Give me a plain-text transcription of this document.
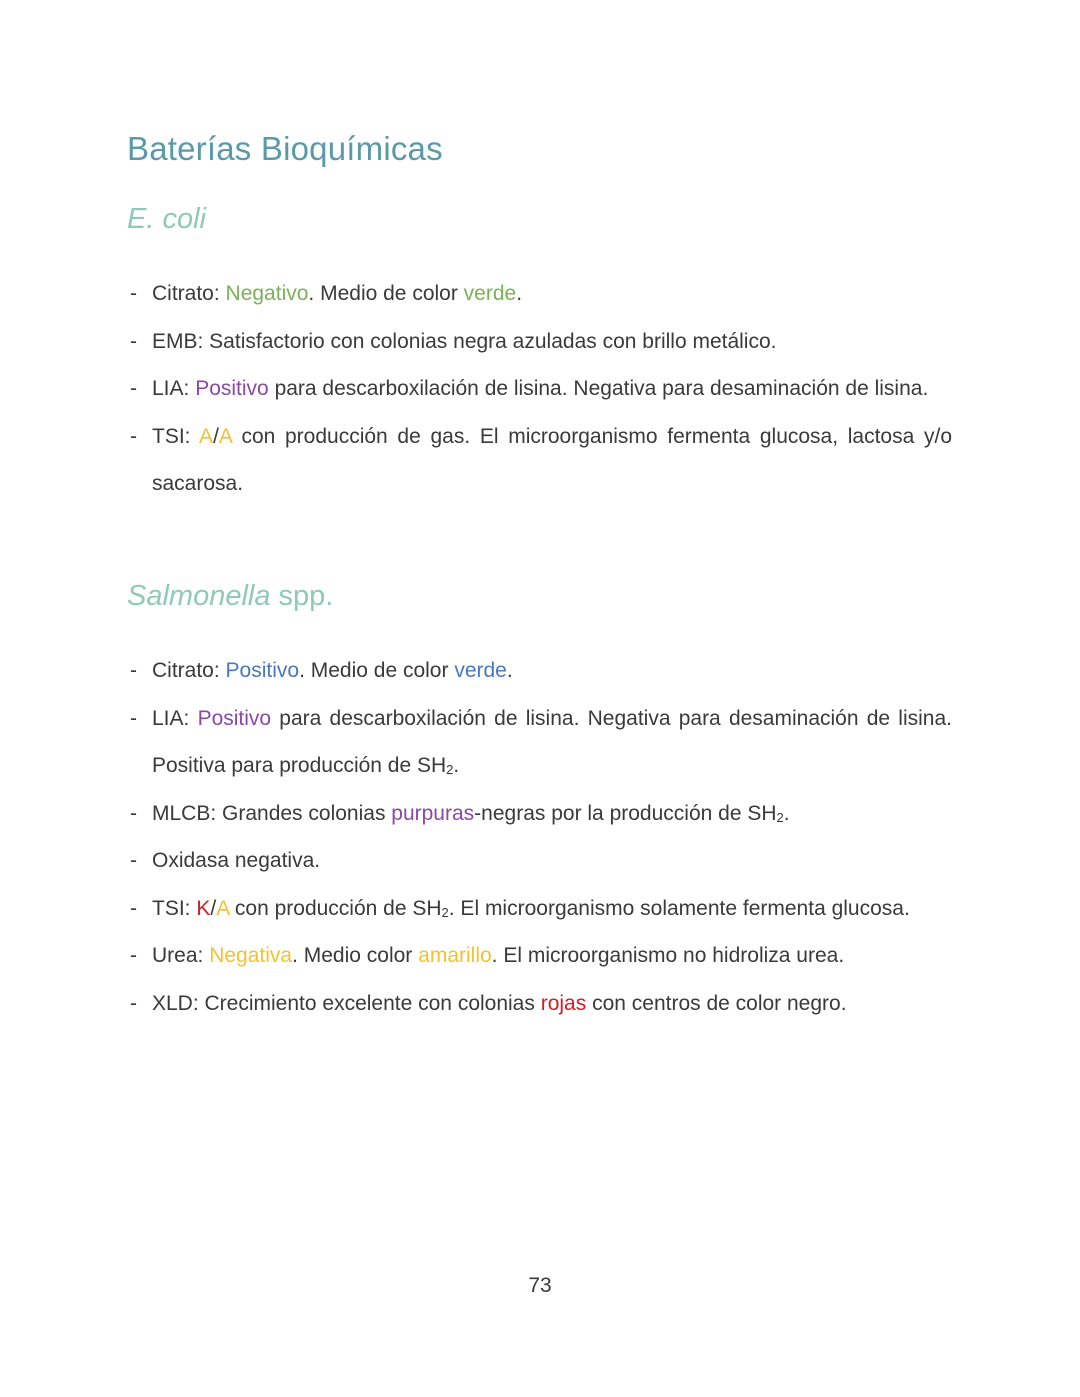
Baterías Bioquímicas
E. coli
- Citrato: Negativo. Medio de color verde.
- EMB: Satisfactorio con colonias negra azuladas con brillo metálico.
- LIA: Positivo para descarboxilación de lisina. Negativa para desaminación de lisina.
- TSI: A/A con producción de gas. El microorganismo fermenta glucosa, lactosa y/o sacarosa.
Salmonella spp.
- Citrato: Positivo. Medio de color verde.
- LIA: Positivo para descarboxilación de lisina. Negativa para desaminación de lisina. Positiva para producción de $SH_2$.
- MLCB: Grandes colonias purpuras-negras por la producción de $SH_2$.
- Oxidasa negativa.
- TSI: K/A con producción de $SH_2$. El microorganismo solamente fermenta glucosa.
- Urea: Negativa. Medio color amarillo. El microorganismo no hidroliza urea.
- XLD: Crecimiento excelente con colonias rojas con centros de color negro.
73
